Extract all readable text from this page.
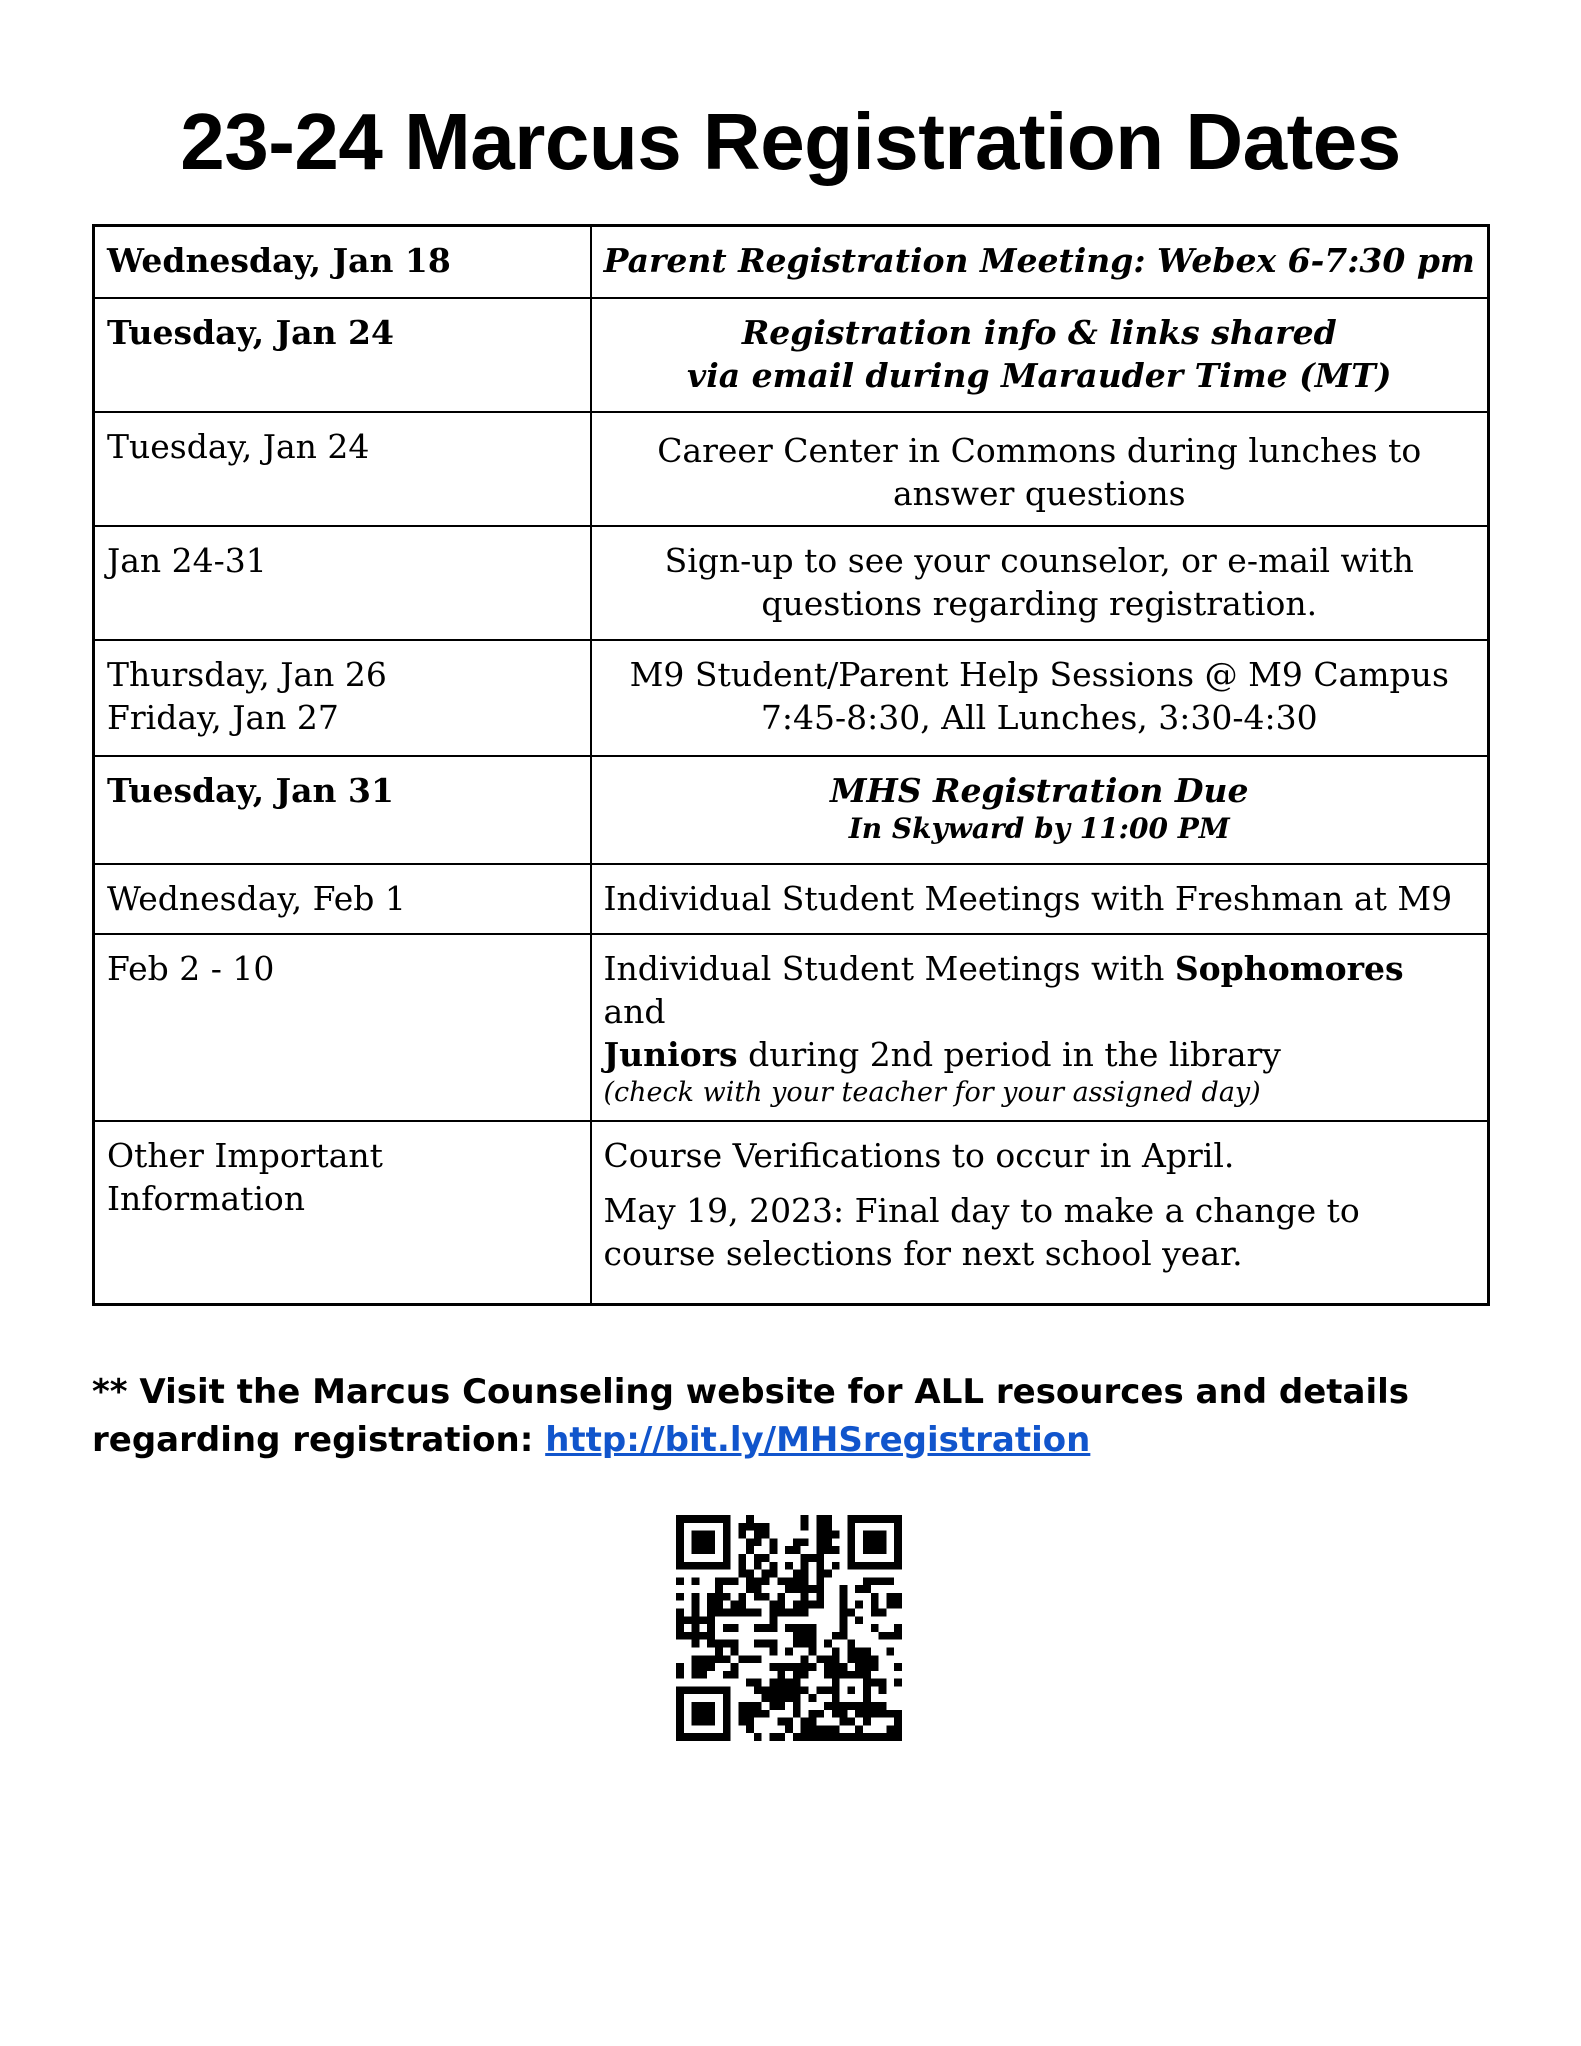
23-24 Marcus Registration Dates
Wednesday, Jan 18	Parent Registration Meeting: Webex 6-7:30 pm
Tuesday, Jan 24	Registration info & links shared
via email during Marauder Time (MT)

Tuesday, Jan 24	Career Center in Commons during lunches to answer questions
Jan 24-31	Sign-up to see your counselor, or e-mail with
questions regarding registration.

Thursday, Jan 26
Friday, Jan 27	M9 Student/Parent Help Sessions @ M9 Campus
7:45-8:30, All Lunches, 3:30-4:30

Tuesday, Jan 31	MHS Registration Due
In Skyward by 11:00 PM

Wednesday, Feb 1	Individual Student Meetings with Freshman at M9
Feb 2 - 10	Individual Student Meetings with Sophomores and
Juniors during 2nd period in the library
(check with your teacher for your assigned day)

Other Important Information	Course Verifications to occur in April.
May 19, 2023: Final day to make a change to course selections for next school year.
** Visit the Marcus Counseling website for ALL resources and details regarding registration: http://bit.ly/MHSregistration
